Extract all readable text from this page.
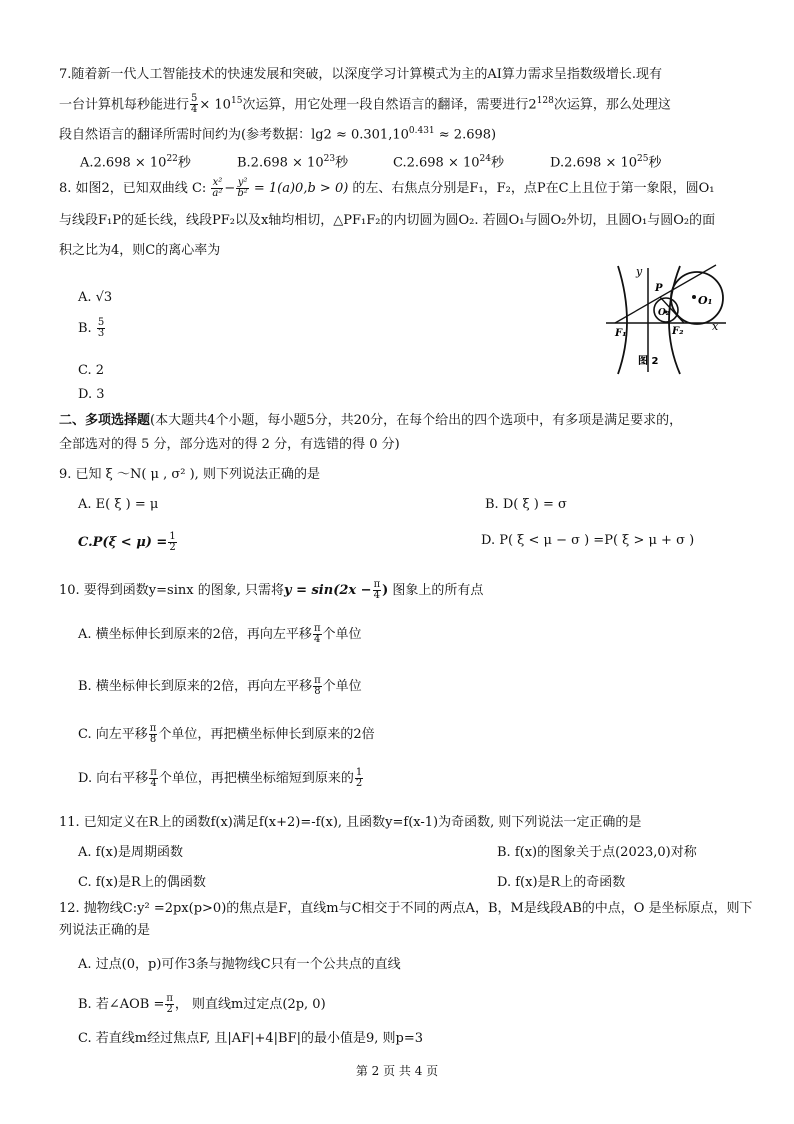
7.随着新一代人工智能技术的快速发展和突破，以深度学习计算模式为主的AI算力需求呈指数级增长.现有
一台计算机每秒能进行 $\frac{5}{4} \times 10^{15}$次运算，用它处理一段自然语言的翻译，需要进行$2^{128}$次运算，那么处理这
段自然语言的翻译所需时间约为(参考数据：$\lg 2 \approx 0.301,10^{0.431} \approx 2.698$)
$A.2.698 \times 10^{22}$秒	$B.2.698 \times 10^{23}$秒	$C.2.698 \times 10^{24}$秒	$D.2.698 \times 10^{25}$秒
8. 如图2，已知双曲线 C: $\frac{\text{x²}}{\text{a²}} - \frac{\text{y²}}{\text{b²}} = 1(a)0,b > 0$) 的左、右焦点分别是F₁，F₂，点P在C上且位于第一象限，圆O₁
与线段F₁P的延长线，线段PF₂以及x轴均相切，△PF₁F₂的内切圆为圆O₂. 若圆O₁与圆O₂外切，且圆O₁与圆O₂的面
积之比为4，则C的离心率为
A. √3
B. $\frac{5}{3}$
C. 2
D. 3
y
x
P
O₁
O₂
F₁	F₂
图 2
二、多项选择题(本大题共4个小题，每小题5分，共20分，在每个给出的四个选项中，有多项是满足要求的，
全部选对的得 5 分，部分选对的得 2 分，有选错的得 0 分)
9. 已知 ξ ～N( μ , σ² ), 则下列说法正确的是
A. E( ξ ) = μ	B. D( ξ ) = σ
$C.P(\xi < \mu) = \frac{1}{2}$	D. P( ξ < μ − σ ) =P( ξ > μ + σ )
10. 要得到函数y=sinx 的图象, 只需将$y = \sin(2x - \frac{\pi}{4}$ ) 图象上的所有点
A. 横坐标伸长到原来的2倍，再向左平移 $\frac{\pi}{4}$ 个单位
B. 横坐标伸长到原来的2倍，再向左平移 $\frac{\pi}{8}$ 个单位
C. 向左平移 $\frac{\pi}{8}$ 个单位，再把横坐标伸长到原来的2倍
D. 向右平移 $\frac{\pi}{4}$ 个单位，再把横坐标缩短到原来的 $\frac{1}{2}$
11. 已知定义在R上的函数f(x)满足f(x+2)=-f(x), 且函数y=f(x-1)为奇函数, 则下列说法一定正确的是
A. f(x)是周期函数	B. f(x)的图象关于点(2023,0)对称
C. f(x)是R上的偶函数	D. f(x)是R上的奇函数
12. 抛物线C:y² =2px(p>0)的焦点是F，直线m与C相交于不同的两点A，B，M是线段AB的中点，O 是坐标原点，则下
列说法正确的是
A. 过点(0，p)可作3条与抛物线C只有一个公共点的直线
B. 若∠AOB = $\frac{\pi}{2}$ ， 则直线m过定点(2p, 0)
C. 若直线m经过焦点F, 且|AF|+4|BF|的最小值是9, 则p=3
第 2 页 共 4 页
